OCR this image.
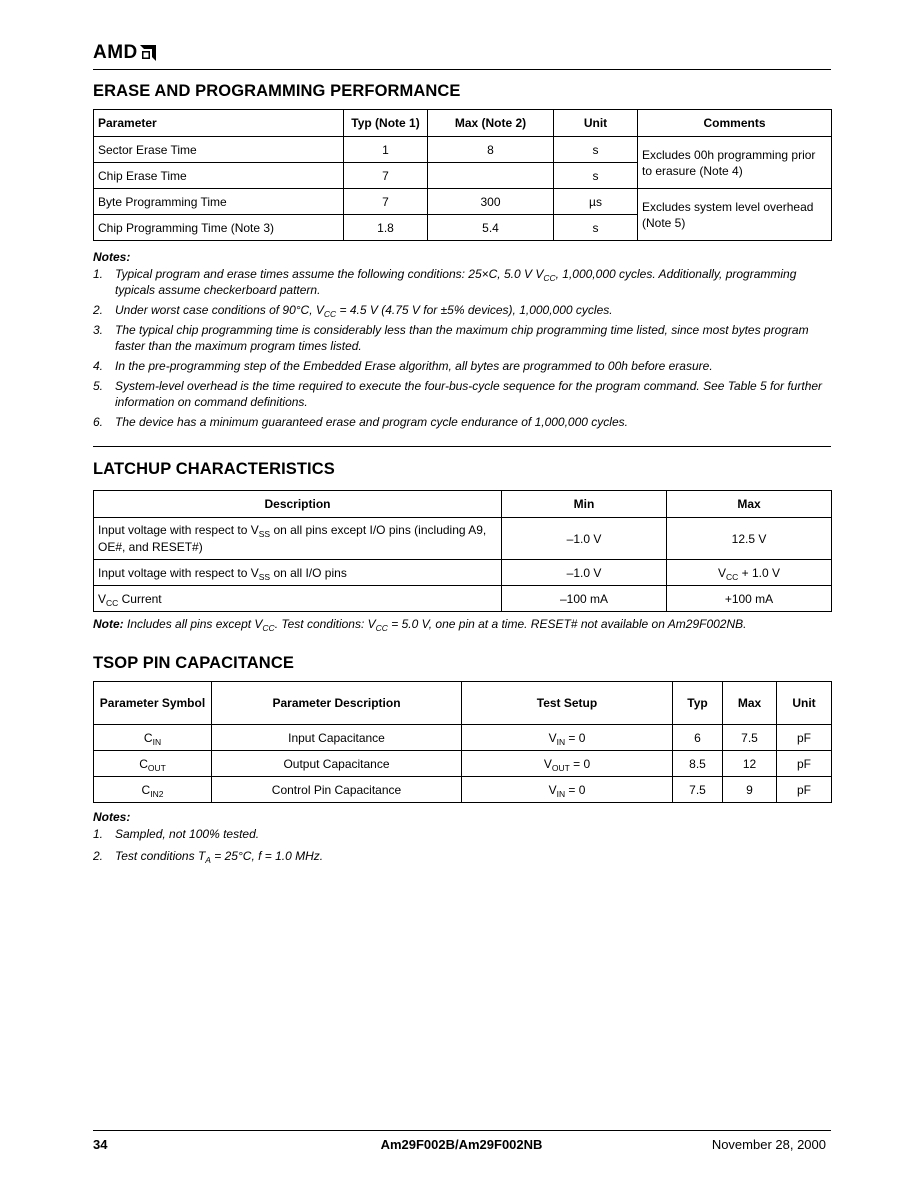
AMD
ERASE AND PROGRAMMING PERFORMANCE
Parameter	Typ (Note 1)	Max (Note 2)	Unit	Comments
Sector Erase Time	1	8	s	Excludes 00h programming prior to erasure (Note 4)
Chip Erase Time	7		s	
Byte Programming Time	7	300	µs	Excludes system level overhead (Note 5)
Chip Programming Time (Note 3)	1.8	5.4	s	
Notes:
1. Typical program and erase times assume the following conditions: 25×C, 5.0 V $V_{CC}$, 1,000,000 cycles. Additionally, programming typicals assume checkerboard pattern.
2. Under worst case conditions of 90°C, $V_{CC} = 4.5$ V (4.75 V for ±5% devices), 1,000,000 cycles.
3. The typical chip programming time is considerably less than the maximum chip programming time listed, since most bytes program faster than the maximum program times listed.
4. In the pre-programming step of the Embedded Erase algorithm, all bytes are programmed to 00h before erasure.
5. System-level overhead is the time required to execute the four-bus-cycle sequence for the program command. See Table 5 for further information on command definitions.
6. The device has a minimum guaranteed erase and program cycle endurance of 1,000,000 cycles.
LATCHUP CHARACTERISTICS
Description	Min	Max
Input voltage with respect to $V_{SS}$ on all pins except I/O pins (including A9, OE#, and RESET#)	–1.0 V	12.5 V
Input voltage with respect to $V_{SS}$ on all I/O pins	–1.0 V	$V_{CC} + 1.0$ V
$V_{CC}$ Current	–100 mA	+100 mA
Note: Includes all pins except $V_{CC}$. Test conditions: $V_{CC} = 5.0$ V, one pin at a time. RESET# not available on Am29F002NB.
TSOP PIN CAPACITANCE
Parameter Symbol	Parameter Description	Test Setup	Typ	Max	Unit
$C_{IN}$	Input Capacitance	$V_{IN} = 0$	6	7.5	pF
$C_{OUT}$	Output Capacitance	$V_{OUT} = 0$	8.5	12	pF
$C_{IN2}$	Control Pin Capacitance	$V_{IN} = 0$	7.5	9	pF
Notes:
1. Sampled, not 100% tested.
2. Test conditions $T_A = 25^\circ C$, f = 1.0 MHz.
34	Am29F002B/Am29F002NB	November 28, 2000
